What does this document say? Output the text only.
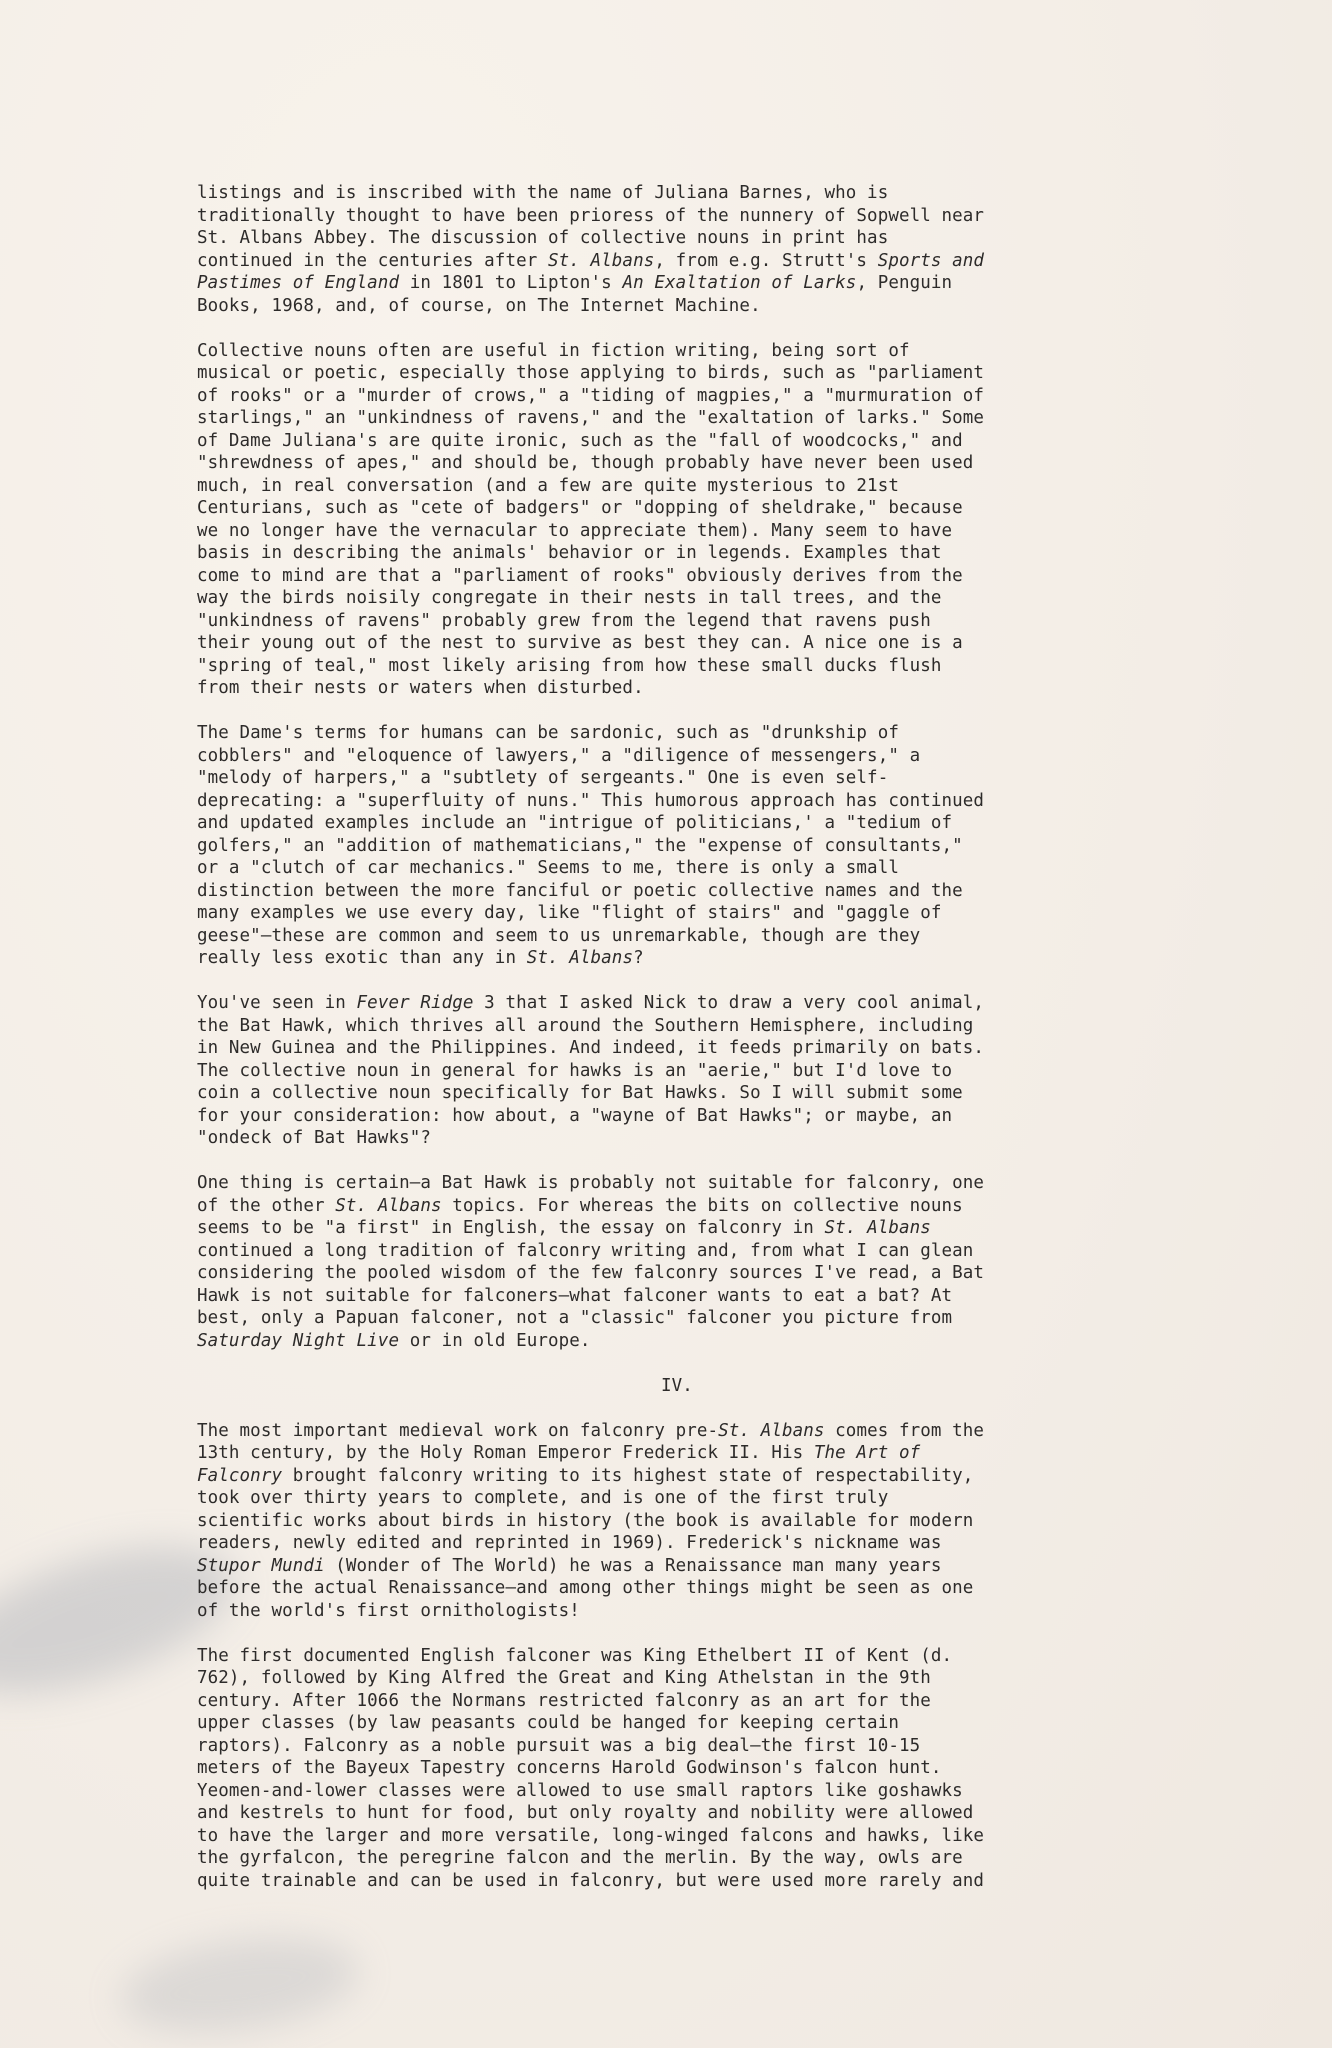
listings and is inscribed with the name of Juliana Barnes, who is
traditionally thought to have been prioress of the nunnery of Sopwell near
St. Albans Abbey. The discussion of collective nouns in print has
continued in the centuries after St. Albans, from e.g. Strutt's Sports and
Pastimes of England in 1801 to Lipton's An Exaltation of Larks, Penguin
Books, 1968, and, of course, on The Internet Machine.

Collective nouns often are useful in fiction writing, being sort of
musical or poetic, especially those applying to birds, such as "parliament
of rooks" or a "murder of crows," a "tiding of magpies," a "murmuration of
starlings," an "unkindness of ravens," and the "exaltation of larks." Some
of Dame Juliana's are quite ironic, such as the "fall of woodcocks," and
"shrewdness of apes," and should be, though probably have never been used
much, in real conversation (and a few are quite mysterious to 21st
Centurians, such as "cete of badgers" or "dopping of sheldrake," because
we no longer have the vernacular to appreciate them). Many seem to have
basis in describing the animals' behavior or in legends. Examples that
come to mind are that a "parliament of rooks" obviously derives from the
way the birds noisily congregate in their nests in tall trees, and the
"unkindness of ravens" probably grew from the legend that ravens push
their young out of the nest to survive as best they can. A nice one is a
"spring of teal," most likely arising from how these small ducks flush
from their nests or waters when disturbed.

The Dame's terms for humans can be sardonic, such as "drunkship of
cobblers" and "eloquence of lawyers," a "diligence of messengers," a
"melody of harpers," a "subtlety of sergeants." One is even self-
deprecating: a "superfluity of nuns." This humorous approach has continued
and updated examples include an "intrigue of politicians,' a "tedium of
golfers," an "addition of mathematicians," the "expense of consultants,"
or a "clutch of car mechanics." Seems to me, there is only a small
distinction between the more fanciful or poetic collective names and the
many examples we use every day, like "flight of stairs" and "gaggle of
geese"—these are common and seem to us unremarkable, though are they
really less exotic than any in St. Albans?

You've seen in Fever Ridge 3 that I asked Nick to draw a very cool animal,
the Bat Hawk, which thrives all around the Southern Hemisphere, including
in New Guinea and the Philippines. And indeed, it feeds primarily on bats.
The collective noun in general for hawks is an "aerie," but I'd love to
coin a collective noun specifically for Bat Hawks. So I will submit some
for your consideration: how about, a "wayne of Bat Hawks"; or maybe, an
"ondeck of Bat Hawks"?

One thing is certain—a Bat Hawk is probably not suitable for falconry, one
of the other St. Albans topics. For whereas the bits on collective nouns
seems to be "a first" in English, the essay on falconry in St. Albans
continued a long tradition of falconry writing and, from what I can glean
considering the pooled wisdom of the few falconry sources I've read, a Bat
Hawk is not suitable for falconers—what falconer wants to eat a bat? At
best, only a Papuan falconer, not a "classic" falconer you picture from
Saturday Night Live or in old Europe.

IV.

The most important medieval work on falconry pre-St. Albans comes from the
13th century, by the Holy Roman Emperor Frederick II. His The Art of
Falconry brought falconry writing to its highest state of respectability,
took over thirty years to complete, and is one of the first truly
scientific works about birds in history (the book is available for modern
readers, newly edited and reprinted in 1969). Frederick's nickname was
Stupor Mundi (Wonder of The World) he was a Renaissance man many years
before the actual Renaissance—and among other things might be seen as one
of the world's first ornithologists!

The first documented English falconer was King Ethelbert II of Kent (d.
762), followed by King Alfred the Great and King Athelstan in the 9th
century. After 1066 the Normans restricted falconry as an art for the
upper classes (by law peasants could be hanged for keeping certain
raptors). Falconry as a noble pursuit was a big deal—the first 10-15
meters of the Bayeux Tapestry concerns Harold Godwinson's falcon hunt.
Yeomen-and-lower classes were allowed to use small raptors like goshawks
and kestrels to hunt for food, but only royalty and nobility were allowed
to have the larger and more versatile, long-winged falcons and hawks, like
the gyrfalcon, the peregrine falcon and the merlin. By the way, owls are
quite trainable and can be used in falconry, but were used more rarely and
